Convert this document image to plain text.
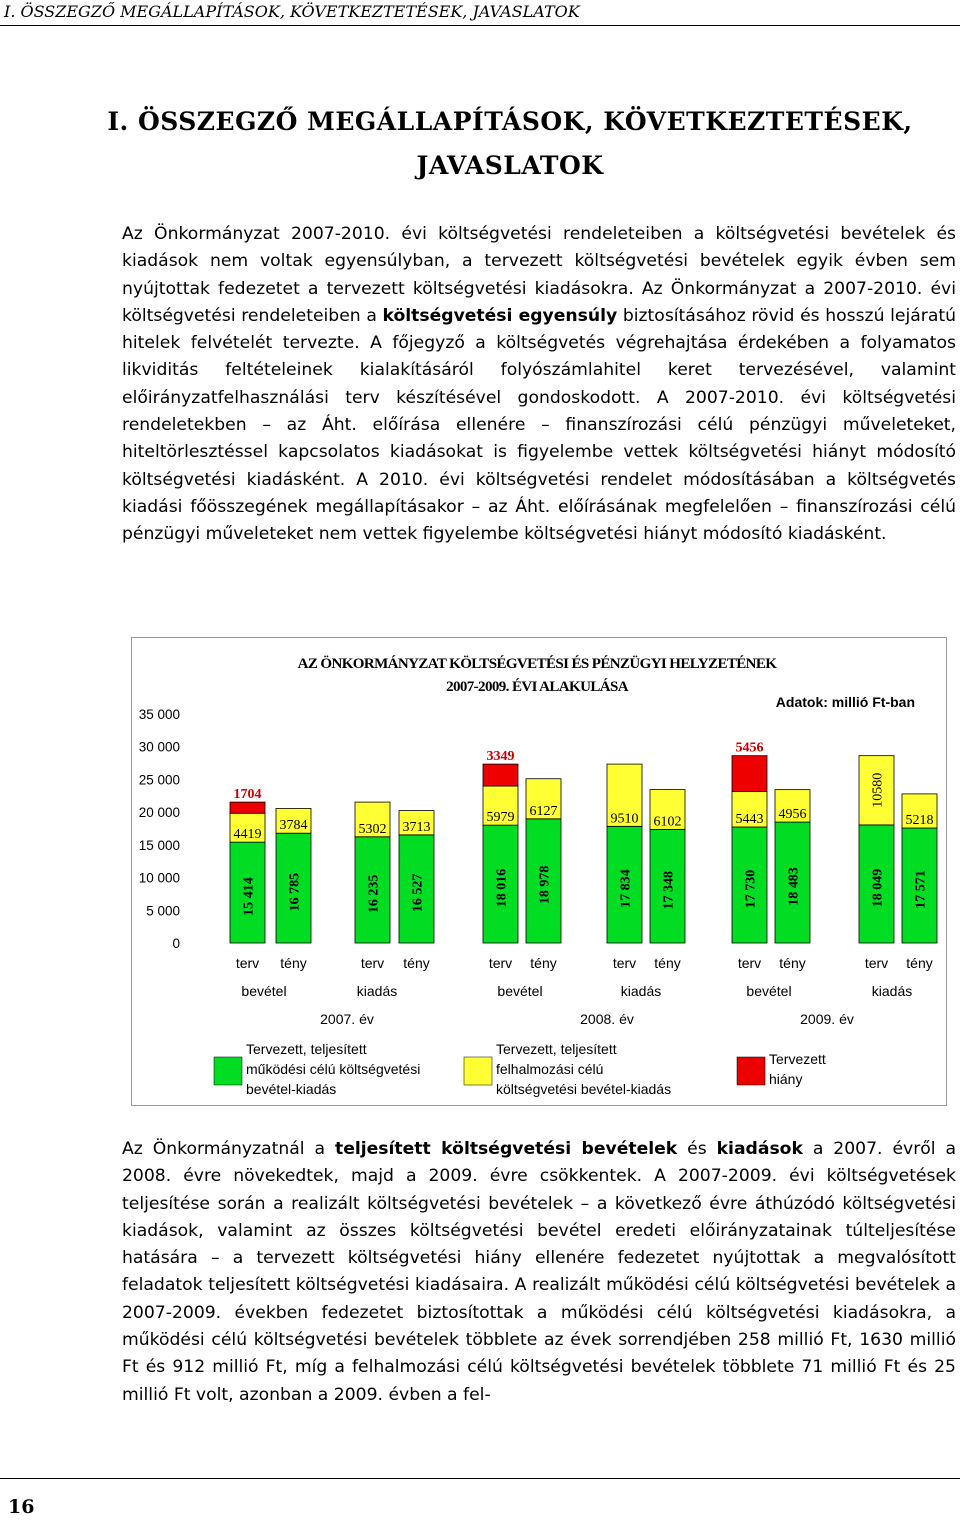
I. ÖSSZEGZŐ MEGÁLLAPÍTÁSOK, KÖVETKEZTETÉSEK, JAVASLATOK
I. ÖSSZEGZŐ MEGÁLLAPÍTÁSOK, KÖVETKEZTETÉSEK,
JAVASLATOK
Az Önkormányzat 2007-2010. évi költségvetési rendeleteiben a költségvetési bevételek és kiadások nem voltak egyensúlyban, a tervezett költségvetési bevételek egyik évben sem nyújtottak fedezetet a tervezett költségvetési kiadásokra. Az Önkormányzat a 2007-2010. évi költségvetési rendeleteiben a költségvetési egyensúly biztosításához rövid és hosszú lejáratú hitelek felvételét tervezte. A főjegyző a költségvetés végrehajtása érdekében a folyamatos likviditás feltételeinek kialakításáról folyószámlahitel keret tervezésével, valamint előirányzatfelhasználási terv készítésével gondoskodott. A 2007-2010. évi költségvetési rendeletekben – az Áht. előírása ellenére – finanszírozási célú pénzügyi műveleteket, hiteltörlesztéssel kapcsolatos kiadásokat is figyelembe vettek költségvetési hiányt módosító költségvetési kiadásként. A 2010. évi költségvetési rendelet módosításában a költségvetés kiadási főösszegének megállapításakor – az Áht. előírásának megfelelően – finanszírozási célú pénzügyi műveleteket nem vettek figyelembe költségvetési hiányt módosító kiadásként.
AZ ÖNKORMÁNYZAT KÖLTSÉGVETÉSI ÉS PÉNZÜGYI HELYZETÉNEK
2007-2009. ÉVI ALAKULÁSA
Adatok: millió Ft-ban
0
5 000
10 000
15 000
20 000
25 000
30 000
35 000
15 414
4419
1704
terv
16 785
3784
tény
16 235
5302
terv
16 527
3713
tény
18 016
5979
3349
terv
18 978
6127
tény
17 834
9510
terv
17 348
6102
tény
17 730
5443
5456
terv
18 483
4956
tény
18 049
10580
terv
17 571
5218
tény
bevétel	kiadás	bevétel	kiadás	bevétel	kiadás
2007. év	2008. év	2009. év
Tervezett, teljesített
működési célú költségvetési
bevétel-kiadás
Tervezett, teljesített
felhalmozási célú
költségvetési bevétel-kiadás
Tervezett
hiány
Az Önkormányzatnál a teljesített költségvetési bevételek és kiadások a 2007. évről a 2008. évre növekedtek, majd a 2009. évre csökkentek. A 2007-2009. évi költségvetések teljesítése során a realizált költségvetési bevételek – a következő évre áthúzódó költségvetési kiadások, valamint az összes költségvetési bevétel eredeti előirányzatainak túlteljesítése hatására – a tervezett költségvetési hiány ellenére fedezetet nyújtottak a megvalósított feladatok teljesített költségvetési kiadásaira. A realizált működési célú költségvetési bevételek a 2007-2009. években fedezetet biztosítottak a működési célú költségvetési kiadásokra, a működési célú költségvetési bevételek többlete az évek sorrendjében 258 millió Ft, 1630 millió Ft és 912 millió Ft, míg a felhalmozási célú költségvetési bevételek többlete 71 millió Ft és 25 millió Ft volt, azonban a 2009. évben a fel-
16
